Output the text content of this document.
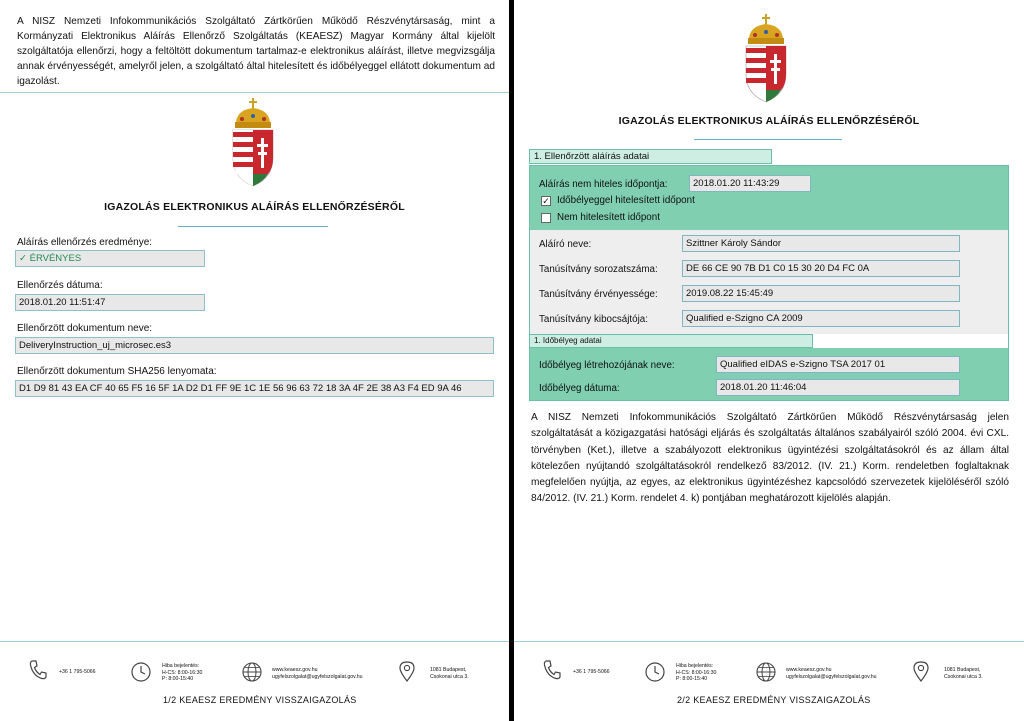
A NISZ Nemzeti Infokommunikációs Szolgáltató Zártkörűen Működő Részvénytársaság, mint a Kormányzati Elektronikus Aláírás Ellenőrző Szolgáltatás (KEAESZ) Magyar Kormány által kijelölt szolgáltatója ellenőrzi, hogy a feltöltött dokumentum tartalmaz-e elektronikus aláírást, illetve megvizsgálja annak érvényességét, amelyről jelen, a szolgáltató által hitelesített és időbélyeggel ellátott dokumentum ad igazolást.

IGAZOLÁS ELEKTRONIKUS ALÁÍRÁS ELLENŐRZÉSÉRŐL
Aláírás ellenőrzés eredménye:
✓ ÉRVÉNYES
Ellenőrzés dátuma:
2018.01.20 11:51:47
Ellenőrzött dokumentum neve:
DeliveryInstruction_uj_microsec.es3
Ellenőrzött dokumentum SHA256 lenyomata:
D1 D9 81 43 EA CF 40 65 F5 16 5F 1A D2 D1 FF 9E 1C 1E 56 96 63 72 18 3A 4F 2E 38 A3 F4 ED 9A 46
+36 1 795-5066
Hiba bejelentés:
H-CS: 8:00-16:30
P: 8:00-15:40
www.keaesz.gov.hu
ugyfelszolgalat@ugyfelszolgalat.gov.hu
1081 Budapest,
Csokonai utca 3.
1/2 KEAESZ EREDMÉNY VISSZAIGAZOLÁS
IGAZOLÁS ELEKTRONIKUS ALÁÍRÁS ELLENŐRZÉSÉRŐL
1. Ellenőrzött aláírás adatai
1. Időbélyeg adatai
Aláírás nem hiteles időpontja:	2018.01.20 11:43:29
✓ Időbélyeggel hitelesített időpont
Nem hitelesített időpont
Aláíró neve:	Szittner Károly Sándor
Tanúsítvány sorozatszáma:	DE 66 CE 90 7B D1 C0 15 30 20 D4 FC 0A
Tanúsítvány érvényessége:	2019.08.22 15:45:49
Tanúsítvány kibocsájtója:	Qualified e-Szigno CA 2009
Időbélyeg létrehozójának neve:	Qualified eIDAS e-Szigno TSA 2017 01
Időbélyeg dátuma:	2018.01.20 11:46:04

A NISZ Nemzeti Infokommunikációs Szolgáltató Zártkörűen Működő Részvénytársaság jelen szolgáltatását a közigazgatási hatósági eljárás és szolgáltatás általános szabályairól szóló 2004. évi CXL. törvényben (Ket.), illetve a szabályozott elektronikus ügyintézési szolgáltatásokról és az állam által kötelezően nyújtandó szolgáltatásokról rendelkező 83/2012. (IV. 21.) Korm. rendeletben foglaltaknak megfelelően nyújtja, az egyes, az elektronikus ügyintézéshez kapcsolódó szervezetek kijelöléséről szóló 84/2012. (IV. 21.) Korm. rendelet 4. k) pontjában meghatározott kijelölés alapján.

+36 1 795-5066
Hiba bejelentés:
H-CS: 8:00-16:30
P: 8:00-15:40
www.keaesz.gov.hu
ugyfelszolgalat@ugyfelszolgalat.gov.hu
1081 Budapest,
Csokonai utca 3.
2/2 KEAESZ EREDMÉNY VISSZAIGAZOLÁS
